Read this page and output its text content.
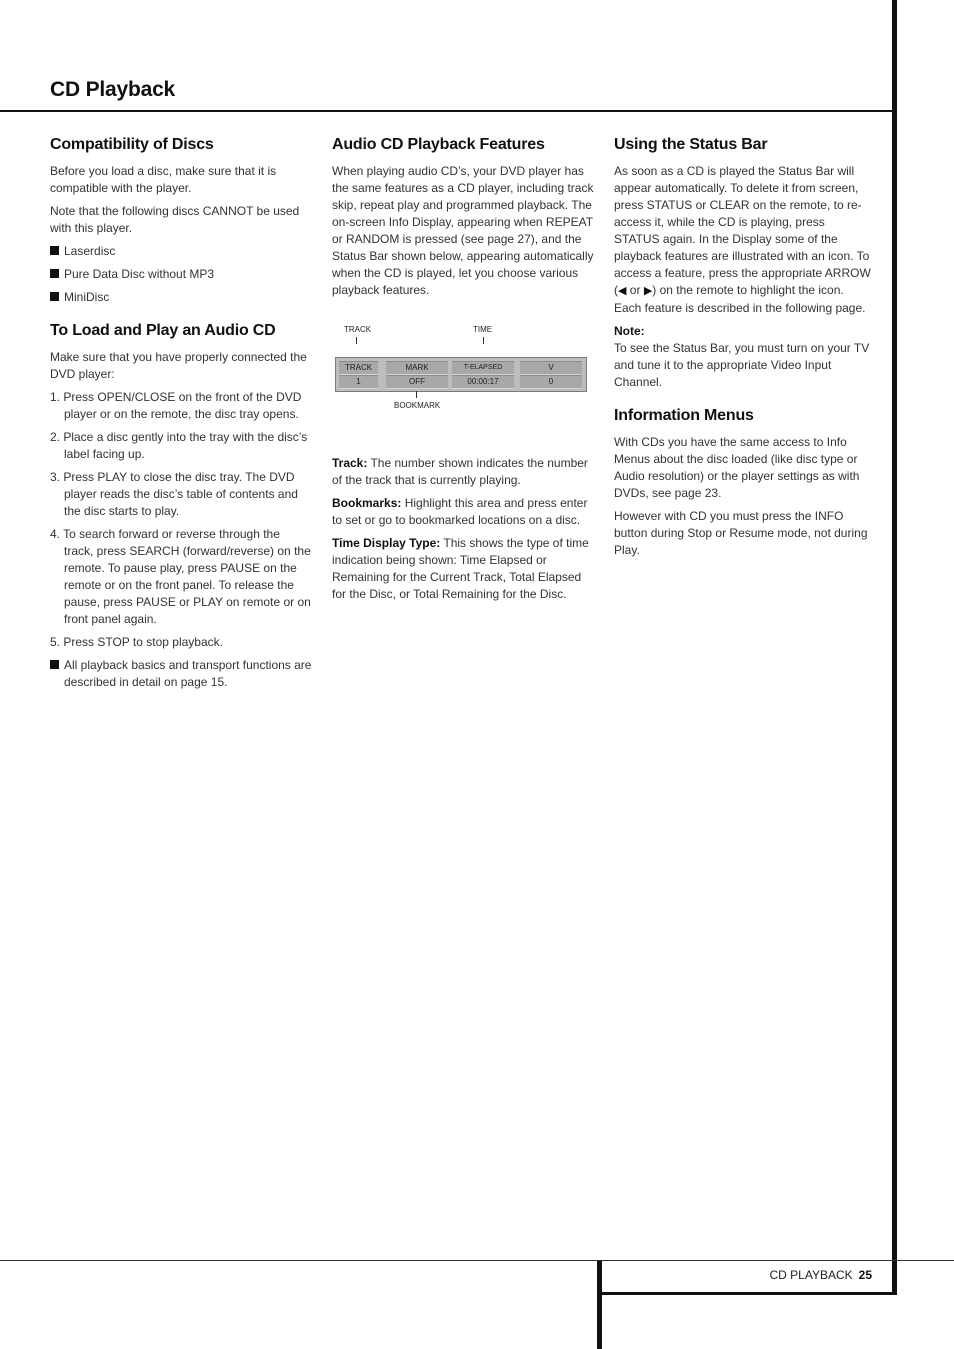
CD Playback
Compatibility of Discs

Before you load a disc, make sure that it is compatible with the player.

Note that the following discs CANNOT be used with this player.

Laserdisc

Pure Data Disc without MP3

MiniDisc

To Load and Play an Audio CD

Make sure that you have properly connected the DVD player:

1. Press OPEN/CLOSE on the front of the DVD player or on the remote, the disc tray opens.

2. Place a disc gently into the tray with the disc’s label facing up.

3. Press PLAY to close the disc tray. The DVD player reads the disc’s table of contents and the disc starts to play.

4. To search forward or reverse through the track, press SEARCH (forward/reverse) on the remote. To pause play, press PAUSE on the remote or on the front panel. To release the pause, press PAUSE or PLAY on remote or on front panel again.

5. Press STOP to stop playback.

All playback basics and transport functions are described in detail on page 15.

Audio CD Playback Features

When playing audio CD’s, your DVD player has the same features as a CD player, including track skip, repeat play and programmed playback. The on-screen Info Display, appearing when REPEAT or RANDOM is pressed (see page 27), and the Status Bar shown below, appearing automatically when the CD is played, let you choose various playback features.

TRACK	TIME
TRACK
1
MARK
OFF
T-ELAPSED
00:00:17
V
0
BOOKMARK

Track: The number shown indicates the number of the track that is currently playing.

Bookmarks: Highlight this area and press enter to set or go to bookmarked locations on a disc.

Time Display Type: This shows the type of time indication being shown: Time Elapsed or Remaining for the Current Track, Total Elapsed for the Disc, or Total Remaining for the Disc.

Using the Status Bar

As soon as a CD is played the Status Bar will appear automatically. To delete it from screen, press STATUS or CLEAR on the remote, to re-access it, while the CD is playing, press STATUS again. In the Display some of the playback features are illustrated with an icon. To access a feature, press the appropriate ARROW (◀ or ▶) on the remote to highlight the icon. Each feature is described in the following page.

Note:

To see the Status Bar, you must turn on your TV and tune it to the appropriate Video Input Channel.

Information Menus

With CDs you have the same access to Info Menus about the disc loaded (like disc type or Audio resolution) or the player settings as with DVDs, see page 23.

However with CD you must press the INFO button during Stop or Resume mode, not during Play.

CD PLAYBACK 25
